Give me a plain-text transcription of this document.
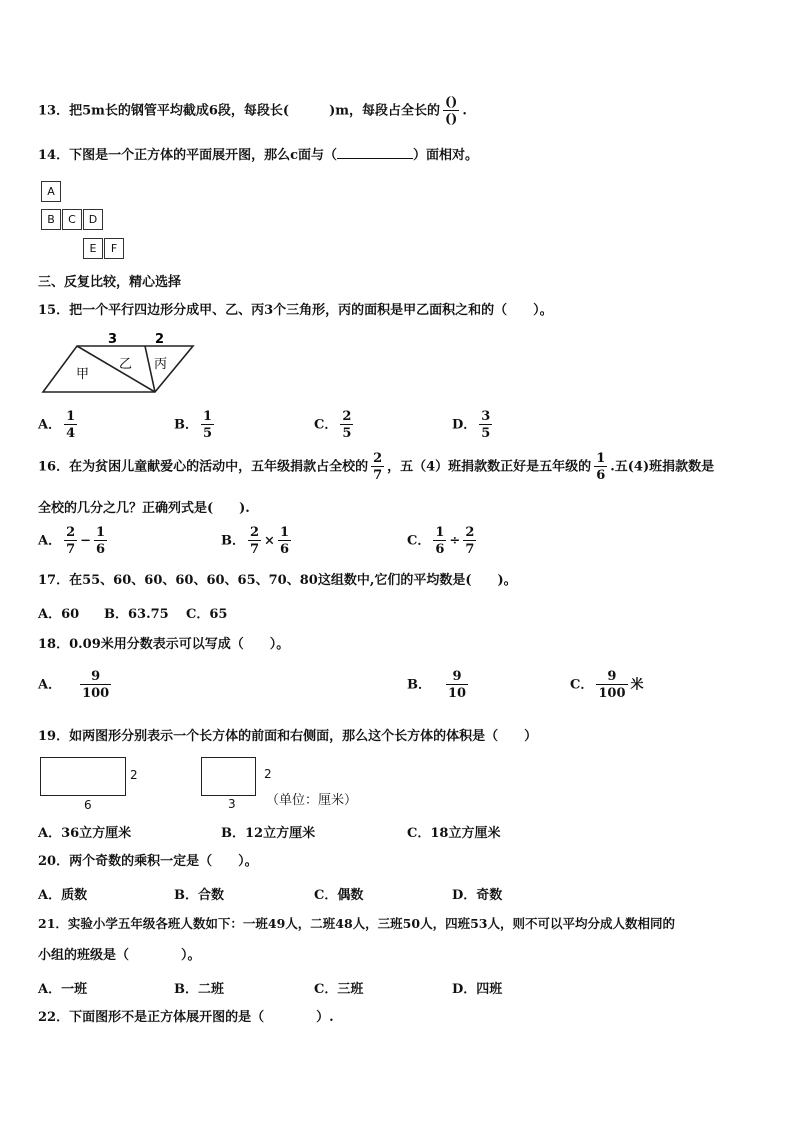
13．把5m长的钢管平均截成6段，每段长(	)m，每段占全长的 $\frac{()}{()}$ .
14．下图是一个正方体的平面展开图，那么c面与（	）面相对。
A
B	C	D
E	F
三、反复比较，精心选择
15．把一个平行四边形分成甲、乙、丙3个三角形，丙的面积是甲乙面积之和的（　　）。
3	2
甲
乙 丙
A． $\frac{1}{4}$	B． $\frac{1}{5}$	C． $\frac{2}{5}$	D． $\frac{3}{5}$
16．在为贫困儿童献爱心的活动中，五年级捐款占全校的 $\frac{2}{7}$ ，五（4）班捐款数正好是五年级的 $\frac{1}{6}$ .五(4)班捐款数是
全校的几分之几？正确列式是(　　).
A． $\frac{2}{7} - \frac{1}{6}$	B． $\frac{2}{7} \times \frac{1}{6}$	C． $\frac{1}{6} \div \frac{2}{7}$
17．在55、60、60、60、60、65、70、80这组数中,它们的平均数是(　　)。
A．60 B．63.75 C．65
18．0.09米用分数表示可以写成（　　）。
A． $\frac{9}{100}$	B． $\frac{9}{10}$	C． $\frac{9}{100}$ 米
19．如两图形分别表示一个长方体的前面和右侧面，那么这个长方体的体积是（　　）
2
6
2
3 （单位：厘米）
A．36立方厘米	B．12立方厘米	C．18立方厘米
20．两个奇数的乘积一定是（　　）。
A．质数	B．合数	C．偶数	D．奇数
21．实验小学五年级各班人数如下：一班49人，二班48人，三班50人，四班53人，则不可以平均分成人数相同的
小组的班级是（　　　　）。
A．一班	B．二班	C．三班	D．四班
22．下面图形不是正方体展开图的是（　　　　）.
